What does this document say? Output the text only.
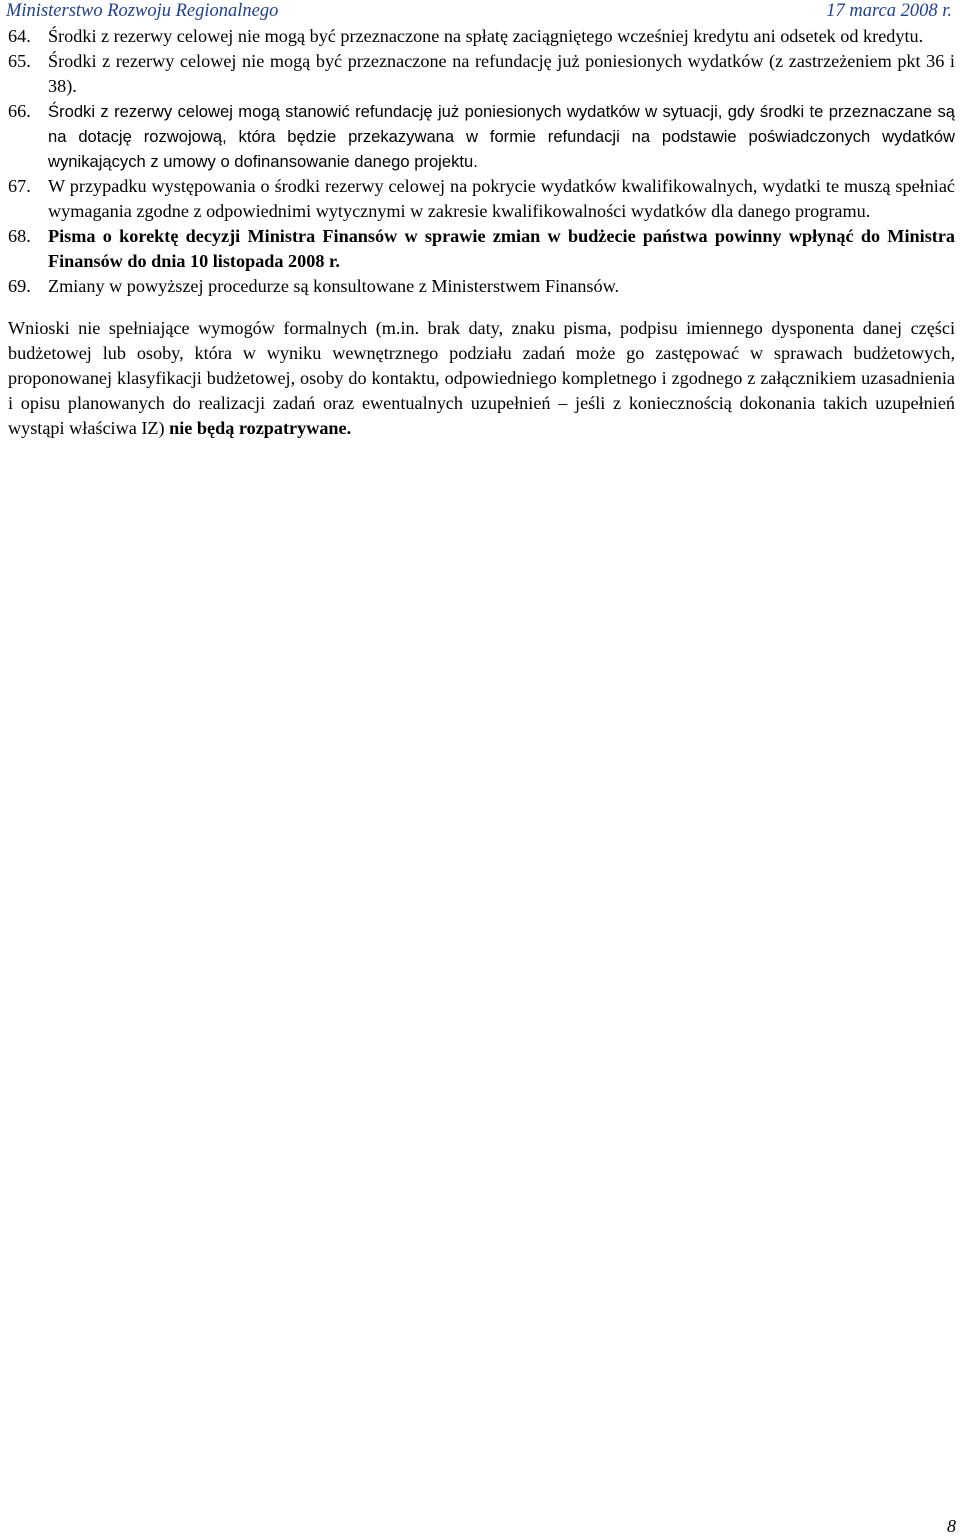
Ministerstwo Rozwoju Regionalnego	17 marca 2008 r.
64. Środki z rezerwy celowej nie mogą być przeznaczone na spłatę zaciągniętego wcześniej kredytu ani odsetek od kredytu.
65. Środki z rezerwy celowej nie mogą być przeznaczone na refundację już poniesionych wydatków (z zastrzeżeniem pkt 36 i 38).
66. Środki z rezerwy celowej mogą stanowić refundację już poniesionych wydatków w sytuacji, gdy środki te przeznaczane są na dotację rozwojową, która będzie przekazywana w formie refundacji na podstawie poświadczonych wydatków wynikających z umowy o dofinansowanie danego projektu.
67. W przypadku występowania o środki rezerwy celowej na pokrycie wydatków kwalifikowalnych, wydatki te muszą spełniać wymagania zgodne z odpowiednimi wytycznymi w zakresie kwalifikowalności wydatków dla danego programu.
68. Pisma o korektę decyzji Ministra Finansów w sprawie zmian w budżecie państwa powinny wpłynąć do Ministra Finansów do dnia 10 listopada 2008 r.
69. Zmiany w powyższej procedurze są konsultowane z Ministerstwem Finansów.

Wnioski nie spełniające wymogów formalnych (m.in. brak daty, znaku pisma, podpisu imiennego dysponenta danej części budżetowej lub osoby, która w wyniku wewnętrznego podziału zadań może go zastępować w sprawach budżetowych, proponowanej klasyfikacji budżetowej, osoby do kontaktu, odpowiedniego kompletnego i zgodnego z załącznikiem uzasadnienia i opisu planowanych do realizacji zadań oraz ewentualnych uzupełnień – jeśli z koniecznością dokonania takich uzupełnień wystąpi właściwa IZ) nie będą rozpatrywane.

8
